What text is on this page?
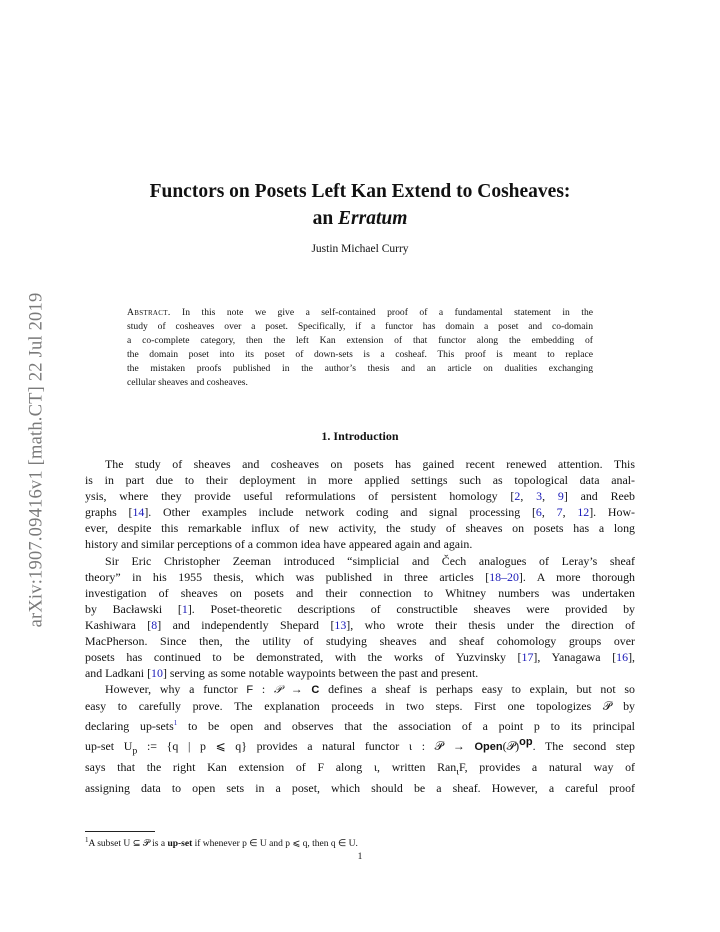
arXiv:1907.09416v1 [math.CT] 22 Jul 2019
Functors on Posets Left Kan Extend to Cosheaves:
an Erratum
Justin Michael Curry
Abstract. In this note we give a self-contained proof of a fundamental statement in the
study of cosheaves over a poset. Specifically, if a functor has domain a poset and co-domain
a co-complete category, then the left Kan extension of that functor along the embedding of
the domain poset into its poset of down-sets is a cosheaf. This proof is meant to replace
the mistaken proofs published in the author’s thesis and an article on dualities exchanging
cellular sheaves and cosheaves.
1. Introduction
The study of sheaves and cosheaves on posets has gained recent renewed attention. This
is in part due to their deployment in more applied settings such as topological data anal-
ysis, where they provide useful reformulations of persistent homology [2, 3, 9] and Reeb
graphs [14]. Other examples include network coding and signal processing [6, 7, 12]. How-
ever, despite this remarkable influx of new activity, the study of sheaves on posets has a long
history and similar perceptions of a common idea have appeared again and again.
Sir Eric Christopher Zeeman introduced “simplicial and Čech analogues of Leray’s sheaf
theory” in his 1955 thesis, which was published in three articles [18–20]. A more thorough
investigation of sheaves on posets and their connection to Whitney numbers was undertaken
by Bacławski [1]. Poset-theoretic descriptions of constructible sheaves were provided by
Kashiwara [8] and independently Shepard [13], who wrote their thesis under the direction of
MacPherson. Since then, the utility of studying sheaves and sheaf cohomology groups over
posets has continued to be demonstrated, with the works of Yuzvinsky [17], Yanagawa [16],
and Ladkani [10] serving as some notable waypoints between the past and present.
However, why a functor F : 𝒫 → C defines a sheaf is perhaps easy to explain, but not so
easy to carefully prove. The explanation proceeds in two steps. First one topologizes 𝒫 by
declaring up-sets$^1$ to be open and observes that the association of a point p to its principal
up-set $U_p$ := {q | p ⩽ q} provides a natural functor ι : 𝒫 → Open(𝒫)$^{op}$. The second step
says that the right Kan extension of F along ι, written Ran$_\iota$F, provides a natural way of
assigning data to open sets in a poset, which should be a sheaf. However, a careful proof
$^1$A subset U ⊆ 𝒫 is a up-set if whenever p ∈ U and p ⩽ q, then q ∈ U.
1
